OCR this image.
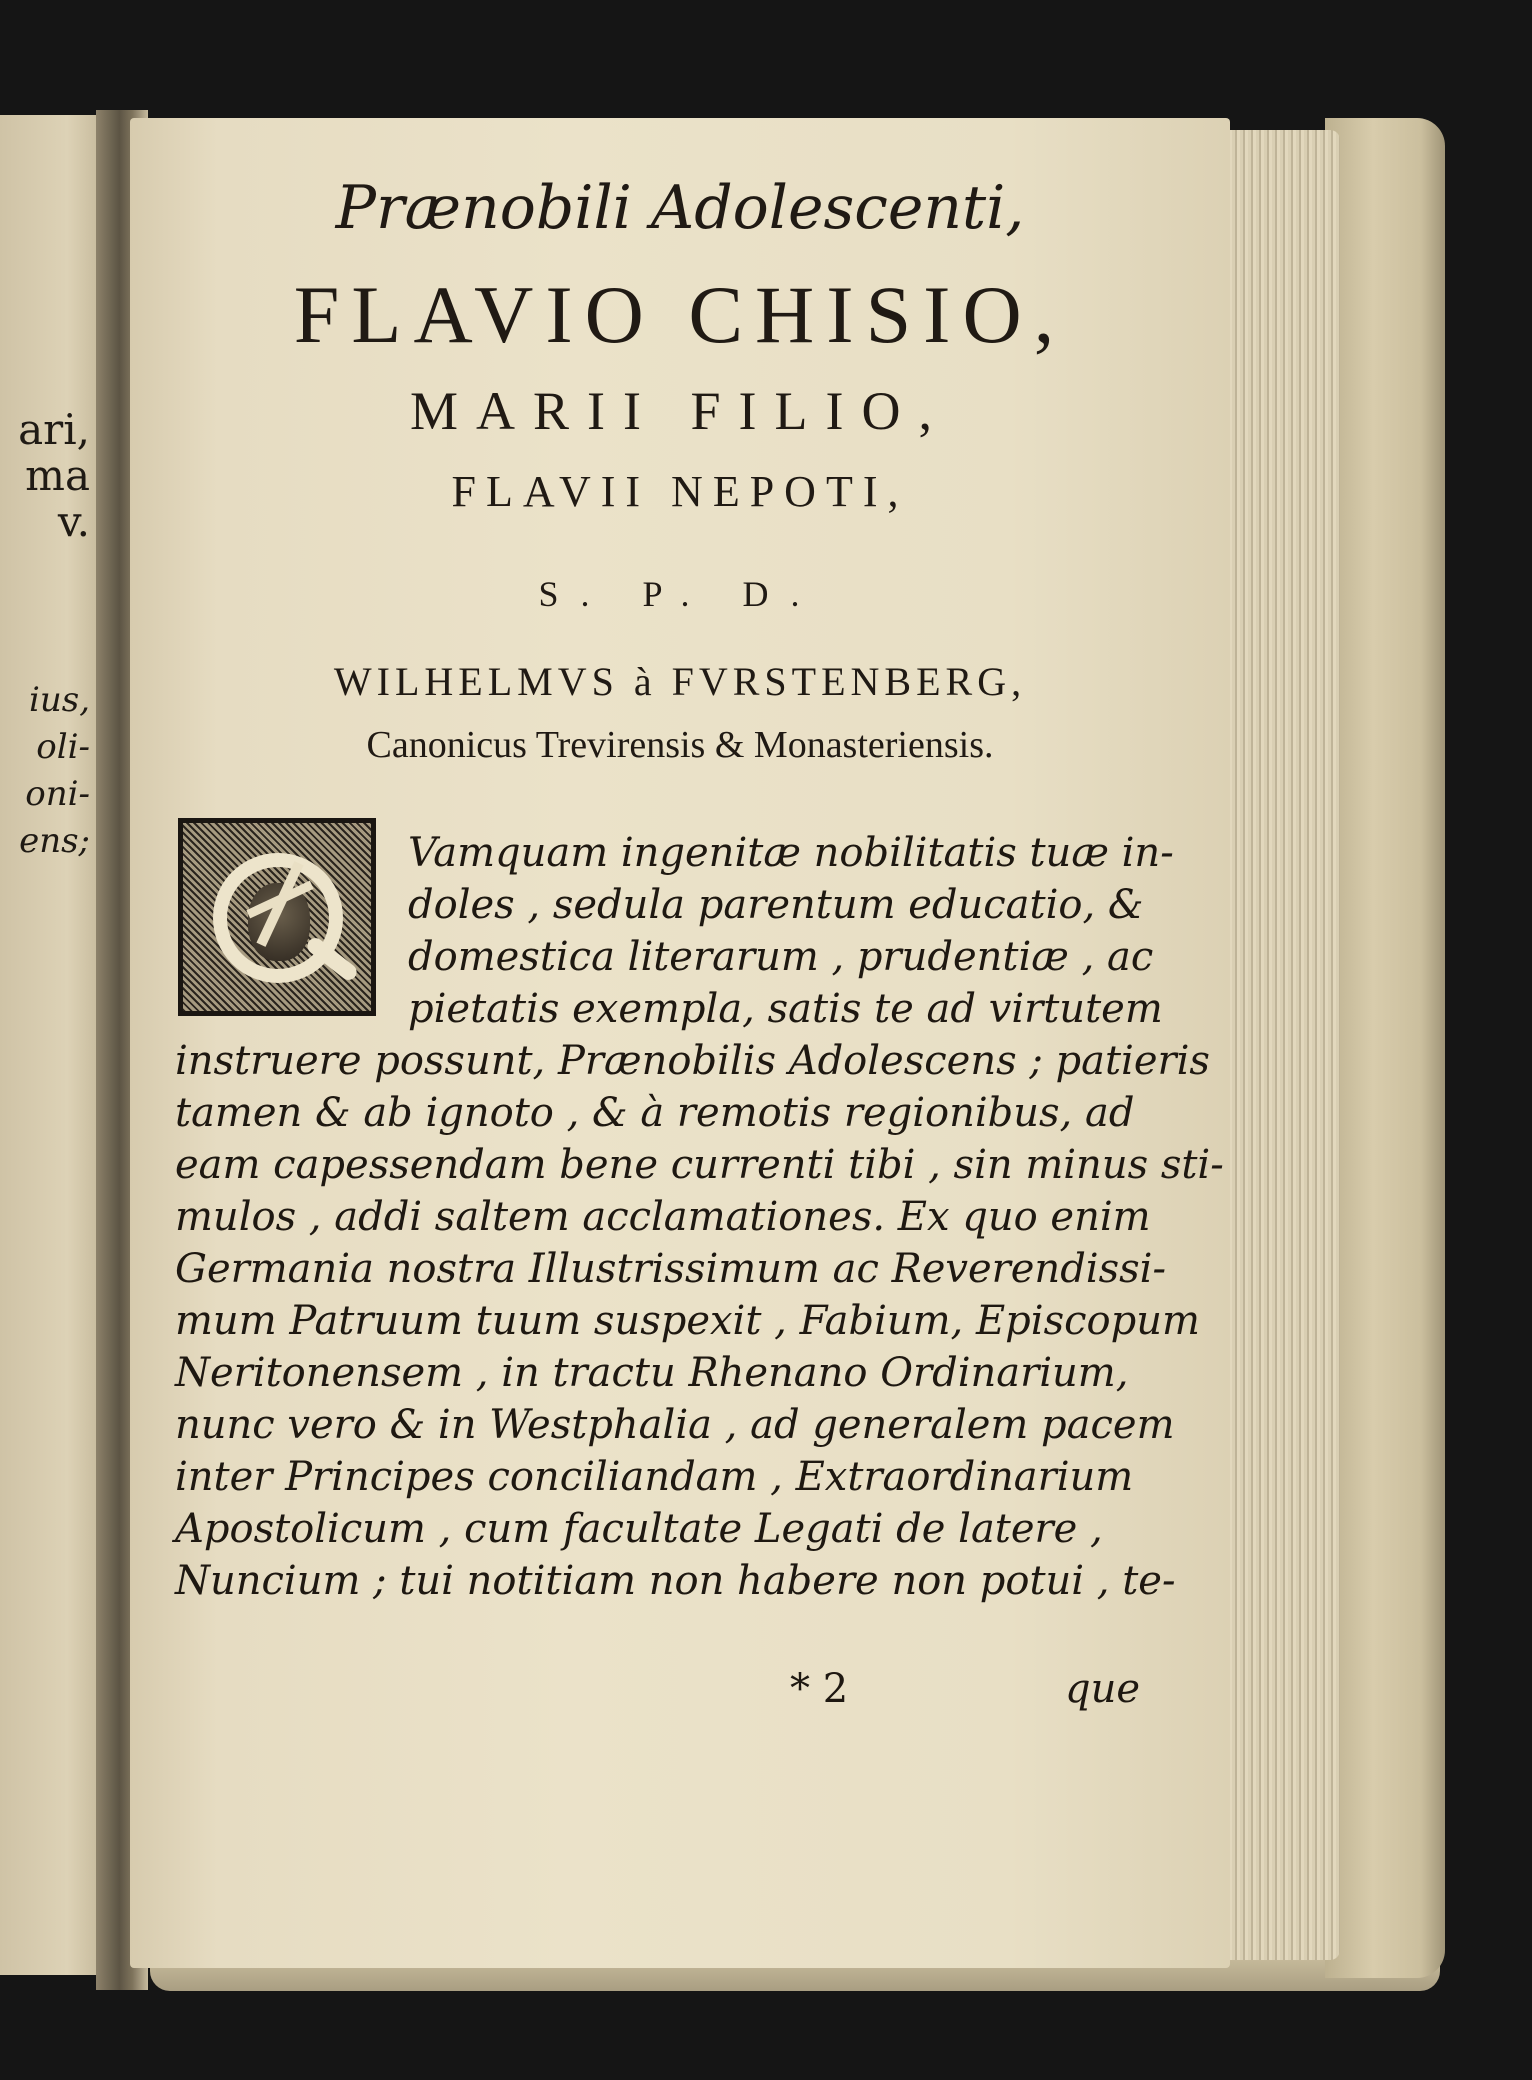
ari,
ma
v.
ius,
oli-
oni-
ens;
Prænobili Adolescenti,
FLAVIO CHISIO,
MARII FILIO,
FLAVII NEPOTI,
S. P. D.
WILHELMVS à FVRSTENBERG,
Canonicus Trevirensis & Monasteriensis.
Vamquam ingenitæ nobilitatis tuæ in-
doles , sedula parentum educatio, &
domestica literarum , prudentiæ , ac
pietatis exempla, satis te ad virtutem
instruere possunt, Prænobilis Adolescens ; patieris
tamen & ab ignoto , & à remotis regionibus, ad
eam capessendam bene currenti tibi , sin minus sti-
mulos , addi saltem acclamationes. Ex quo enim
Germania nostra Illustrissimum ac Reverendissi-
mum Patruum tuum suspexit , Fabium, Episcopum
Neritonensem , in tractu Rhenano Ordinarium,
nunc vero & in Westphalia , ad generalem pacem
inter Principes conciliandam , Extraordinarium
Apostolicum , cum facultate Legati de latere ,
Nuncium ; tui notitiam non habere non potui , te-
* 2	que
